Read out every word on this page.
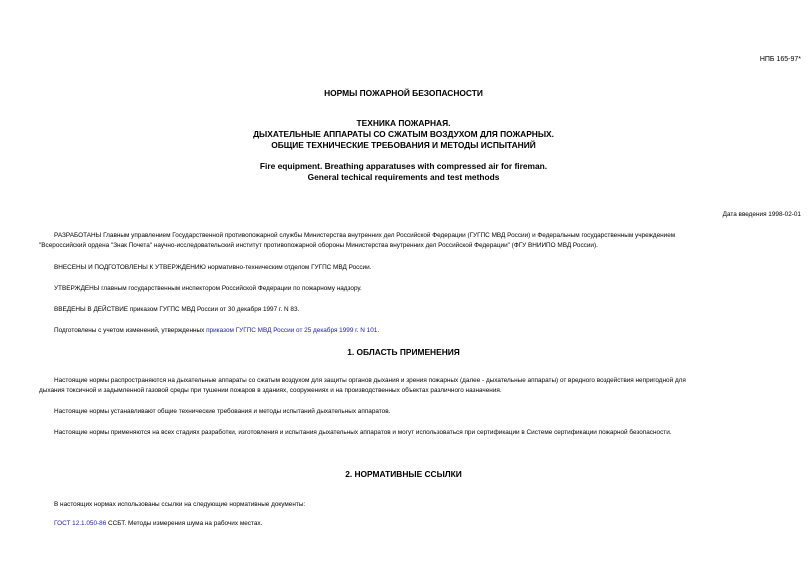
НПБ 165-97*
НОРМЫ ПОЖАРНОЙ БЕЗОПАСНОСТИ
ТЕХНИКА ПОЖАРНАЯ.
ДЫХАТЕЛЬНЫЕ АППАРАТЫ СО СЖАТЫМ ВОЗДУХОМ ДЛЯ ПОЖАРНЫХ.
ОБЩИЕ ТЕХНИЧЕСКИЕ ТРЕБОВАНИЯ И МЕТОДЫ ИСПЫТАНИЙ
Fire equipment. Breathing apparatuses with compressed air for fireman.
General techical requirements and test methods
Дата введения 1998-02-01
РАЗРАБОТАНЫ Главным управлением Государственной противопожарной службы Министерства внутренних дел Российской Федерации (ГУГПС МВД России) и Федеральным государственным учреждением
"Всероссийский ордена "Знак Почета" научно-исследовательский институт противопожарной обороны Министерства внутренних дел Российской Федерации" (ФГУ ВНИИПО МВД России).
ВНЕСЕНЫ И ПОДГОТОВЛЕНЫ К УТВЕРЖДЕНИЮ нормативно-техническим отделом ГУГПС МВД России.
УТВЕРЖДЕНЫ главным государственным инспектором Российской Федерации по пожарному надзору.
ВВЕДЕНЫ В ДЕЙСТВИЕ приказом ГУГПС МВД России от 30 декабря 1997 г. N 83.
Подготовлены с учетом изменений, утвержденных приказом ГУГПС МВД России от 25 декабря 1999 г. N 101.
1. ОБЛАСТЬ ПРИМЕНЕНИЯ
Настоящие нормы распространяются на дыхательные аппараты со сжатым воздухом для защиты органов дыхания и зрения пожарных (далее - дыхательные аппараты) от вредного воздействия непригодной для
дыхания токсичной и задымленной газовой среды при тушении пожаров в зданиях, сооружениях и на производственных объектах различного назначения.
Настоящие нормы устанавливают общие технические требования и методы испытаний дыхательных аппаратов.
Настоящие нормы применяются на всех стадиях разработки, изготовления и испытания дыхательных аппаратов и могут использоваться при сертификации в Системе сертификации пожарной безопасности.
2. НОРМАТИВНЫЕ ССЫЛКИ
В настоящих нормах использованы ссылки на следующие нормативные документы:
ГОСТ 12.1.050-86 ССБТ. Методы измерения шума на рабочих местах.
